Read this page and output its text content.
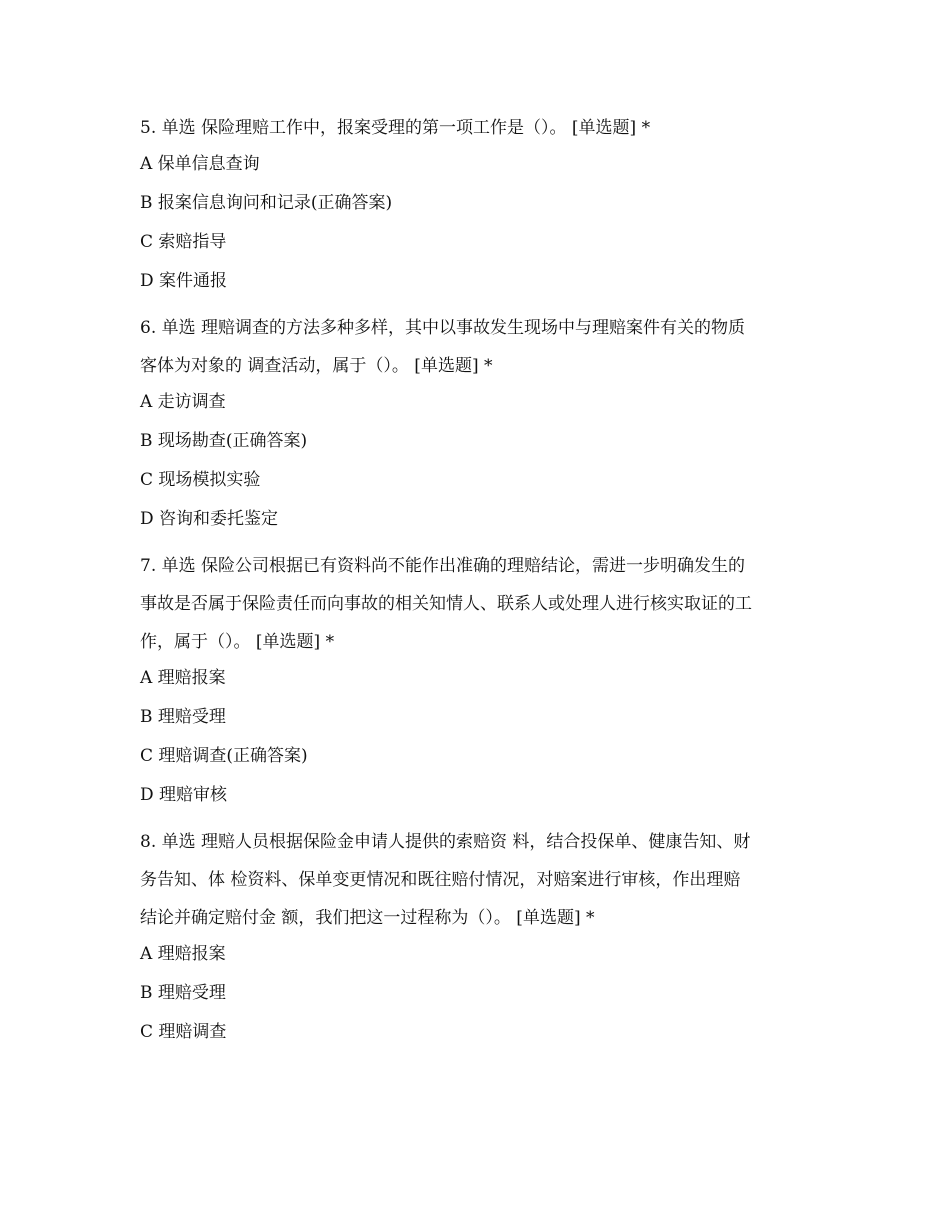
5. 单选 保险理赔工作中，报案受理的第一项工作是（）。 [单选题] *
A 保单信息查询
B 报案信息询问和记录(正确答案)
C 索赔指导
D 案件通报
6. 单选 理赔调查的方法多种多样，其中以事故发生现场中与理赔案件有关的物质
客体为对象的 调查活动，属于（）。 [单选题] *
A 走访调查
B 现场勘查(正确答案)
C 现场模拟实验
D 咨询和委托鉴定
7. 单选 保险公司根据已有资料尚不能作出准确的理赔结论，需进一步明确发生的
事故是否属于保险责任而向事故的相关知情人、联系人或处理人进行核实取证的工
作，属于（）。 [单选题] *
A 理赔报案
B 理赔受理
C 理赔调查(正确答案)
D 理赔审核
8. 单选 理赔人员根据保险金申请人提供的索赔资 料，结合投保单、健康告知、财
务告知、体 检资料、保单变更情况和既往赔付情况，对赔案进行审核，作出理赔
结论并确定赔付金 额，我们把这一过程称为（）。 [单选题] *
A 理赔报案
B 理赔受理
C 理赔调查
